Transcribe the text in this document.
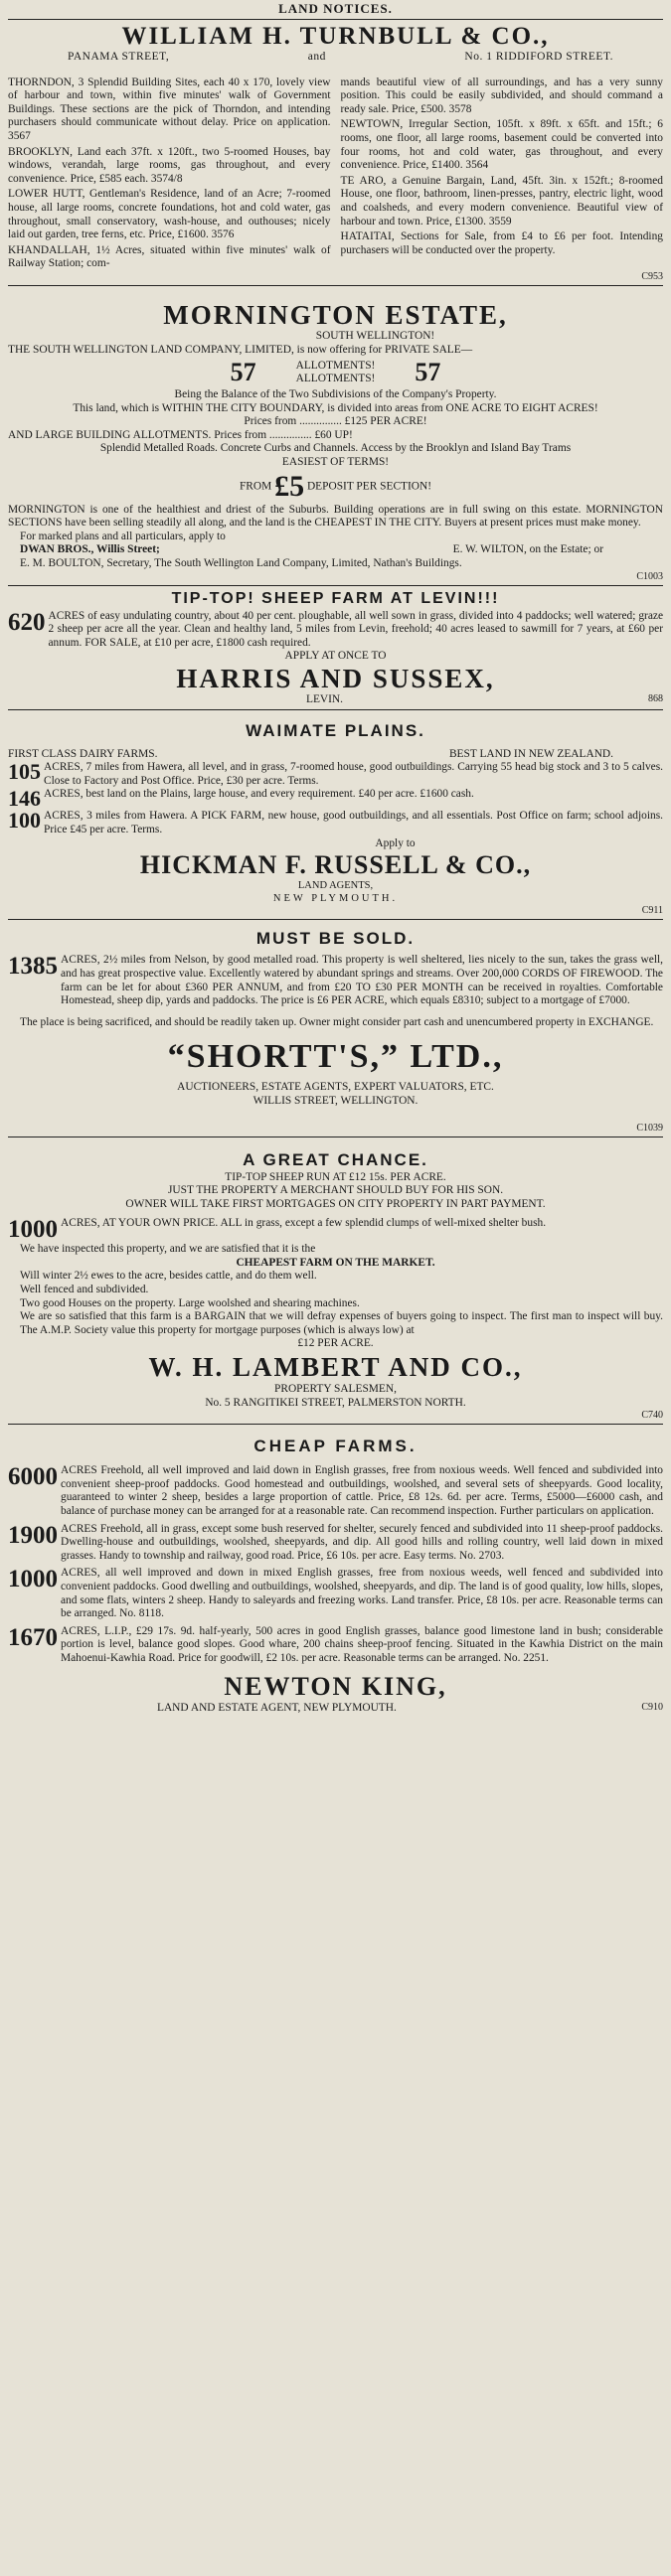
LAND NOTICES.
WILLIAM H. TURNBULL & CO.,
PANAMA STREET,	and	No. 1 RIDDIFORD STREET.

THORNDON, 3 Splendid Building Sites, each 40 x 170, lovely view of harbour and town, within five minutes' walk of Government Buildings. These sections are the pick of Thorndon, and intending purchasers should communicate without delay. Price on application. 3567

BROOKLYN, Land each 37ft. x 120ft., two 5-roomed Houses, bay windows, verandah, large rooms, gas throughout, and every convenience. Price, £585 each. 3574/8

LOWER HUTT, Gentleman's Residence, land of an Acre; 7-roomed house, all large rooms, concrete foundations, hot and cold water, gas throughout, small conservatory, wash-house, and outhouses; nicely laid out garden, tree ferns, etc. Price, £1600. 3576

KHANDALLAH, 1½ Acres, situated within five minutes' walk of Railway Station; com-

mands beautiful view of all surroundings, and has a very sunny position. This could be easily subdivided, and should command a ready sale. Price, £500. 3578

NEWTOWN, Irregular Section, 105ft. x 89ft. x 65ft. and 15ft.; 6 rooms, one floor, all large rooms, basement could be converted into four rooms, hot and cold water, gas throughout, and every convenience. Price, £1400. 3564

TE ARO, a Genuine Bargain, Land, 45ft. 3in. x 152ft.; 8-roomed House, one floor, bathroom, linen-presses, pantry, electric light, wood and coalsheds, and every modern convenience. Beautiful view of harbour and town. Price, £1300. 3559

HATAITAI, Sections for Sale, from £4 to £6 per foot. Intending purchasers will be conducted over the property.

C953
MORNINGTON ESTATE,
SOUTH WELLINGTON!

THE SOUTH WELLINGTON LAND COMPANY, LIMITED, is now offering for PRIVATE SALE—

57	ALLOTMENTS!
ALLOTMENTS! 57

Being the Balance of the Two Subdivisions of the Company's Property.

This land, which is WITHIN THE CITY BOUNDARY, is divided into areas from ONE ACRE TO EIGHT ACRES!

Prices from ............... £125 PER ACRE!

AND LARGE BUILDING ALLOTMENTS. Prices from ............... £60 UP!

Splendid Metalled Roads. Concrete Curbs and Channels. Access by the Brooklyn and Island Bay Trams

EASIEST OF TERMS!

FROM £5 DEPOSIT PER SECTION!

MORNINGTON is one of the healthiest and driest of the Suburbs. Building operations are in full swing on this estate. MORNINGTON SECTIONS have been selling steadily all along, and the land is the CHEAPEST IN THE CITY. Buyers at present prices must make money.

For marked plans and all particulars, apply to

DWAN BROS., Willis Street;	E. W. WILTON, on the Estate; or

E. M. BOULTON, Secretary, The South Wellington Land Company, Limited, Nathan's Buildings.

C1003
TIP-TOP! SHEEP FARM AT LEVIN!!!
620 ACRES of easy undulating country, about 40 per cent. ploughable, all well sown in grass, divided into 4 paddocks; well watered; graze 2 sheep per acre all the year. Clean and healthy land, 5 miles from Levin, freehold; 40 acres leased to sawmill for 7 years, at £60 per annum. FOR SALE, at £10 per acre, £1800 cash required.

APPLY AT ONCE TO
HARRIS AND SUSSEX,
LEVIN.	868
WAIMATE PLAINS.
FIRST CLASS DAIRY FARMS.	BEST LAND IN NEW ZEALAND.
105 ACRES, 7 miles from Hawera, all level, and in grass, 7-roomed house, good outbuildings. Carrying 55 head big stock and 3 to 5 calves. Close to Factory and Post Office. Price, £30 per acre. Terms.

146 ACRES, best land on the Plains, large house, and every requirement. £40 per acre. £1600 cash.

100 ACRES, 3 miles from Hawera. A PICK FARM, new house, good outbuildings, and all essentials. Post Office on farm; school adjoins. Price £45 per acre. Terms.

Apply to
HICKMAN F. RUSSELL & CO.,
LAND AGENTS,
NEW PLYMOUTH.
C911
MUST BE SOLD.
1385 ACRES, 2½ miles from Nelson, by good metalled road. This property is well sheltered, lies nicely to the sun, takes the grass well, and has great prospective value. Excellently watered by abundant springs and streams. Over 200,000 CORDS OF FIREWOOD. The farm can be let for about £360 PER ANNUM, and from £20 TO £30 PER MONTH can be received in royalties. Comfortable Homestead, sheep dip, yards and paddocks. The price is £6 PER ACRE, which equals £8310; subject to a mortgage of £7000.

The place is being sacrificed, and should be readily taken up. Owner might consider part cash and unencumbered property in EXCHANGE.

“SHORTT'S,” LTD.,
AUCTIONEERS, ESTATE AGENTS, EXPERT VALUATORS, ETC.
WILLIS STREET, WELLINGTON.
C1039
A GREAT CHANCE.
TIP-TOP SHEEP RUN AT £12 15s. PER ACRE.
JUST THE PROPERTY A MERCHANT SHOULD BUY FOR HIS SON.
OWNER WILL TAKE FIRST MORTGAGES ON CITY PROPERTY IN PART PAYMENT.
1000 ACRES, AT YOUR OWN PRICE. ALL in grass, except a few splendid clumps of well-mixed shelter bush.

We have inspected this property, and we are satisfied that it is the

CHEAPEST FARM ON THE MARKET.

Will winter 2½ ewes to the acre, besides cattle, and do them well.

Well fenced and subdivided.

Two good Houses on the property. Large woolshed and shearing machines.

We are so satisfied that this farm is a BARGAIN that we will defray expenses of buyers going to inspect. The first man to inspect will buy. The A.M.P. Society value this property for mortgage purposes (which is always low) at

£12 PER ACRE.
W. H. LAMBERT AND CO.,
PROPERTY SALESMEN,
No. 5 RANGITIKEI STREET, PALMERSTON NORTH.
C740
CHEAP FARMS.
6000 ACRES Freehold, all well improved and laid down in English grasses, free from noxious weeds. Well fenced and subdivided into convenient sheep-proof paddocks. Good homestead and outbuildings, woolshed, and several sets of sheepyards. Good locality, guaranteed to winter 2 sheep, besides a large proportion of cattle. Price, £8 12s. 6d. per acre. Terms, £5000—£6000 cash, and balance of purchase money can be arranged for at a reasonable rate. Can recommend inspection. Further particulars on application.

1900 ACRES Freehold, all in grass, except some bush reserved for shelter, securely fenced and subdivided into 11 sheep-proof paddocks. Dwelling-house and outbuildings, woolshed, sheepyards, and dip. All good hills and rolling country, well laid down in mixed grasses. Handy to township and railway, good road. Price, £6 10s. per acre. Easy terms. No. 2703.

1000 ACRES, all well improved and down in mixed English grasses, free from noxious weeds, well fenced and subdivided into convenient paddocks. Good dwelling and outbuildings, woolshed, sheepyards, and dip. The land is of good quality, low hills, slopes, and some flats, winters 2 sheep. Handy to saleyards and freezing works. Land transfer. Price, £8 10s. per acre. Reasonable terms can be arranged. No. 8118.

1670 ACRES, L.I.P., £29 17s. 9d. half-yearly, 500 acres in good English grasses, balance good limestone land in bush; considerable portion is level, balance good slopes. Good whare, 200 chains sheep-proof fencing. Situated in the Kawhia District on the main Mahoenui-Kawhia Road. Price for goodwill, £2 10s. per acre. Reasonable terms can be arranged. No. 2251.

NEWTON KING,
LAND AND ESTATE AGENT, NEW PLYMOUTH.	C910
